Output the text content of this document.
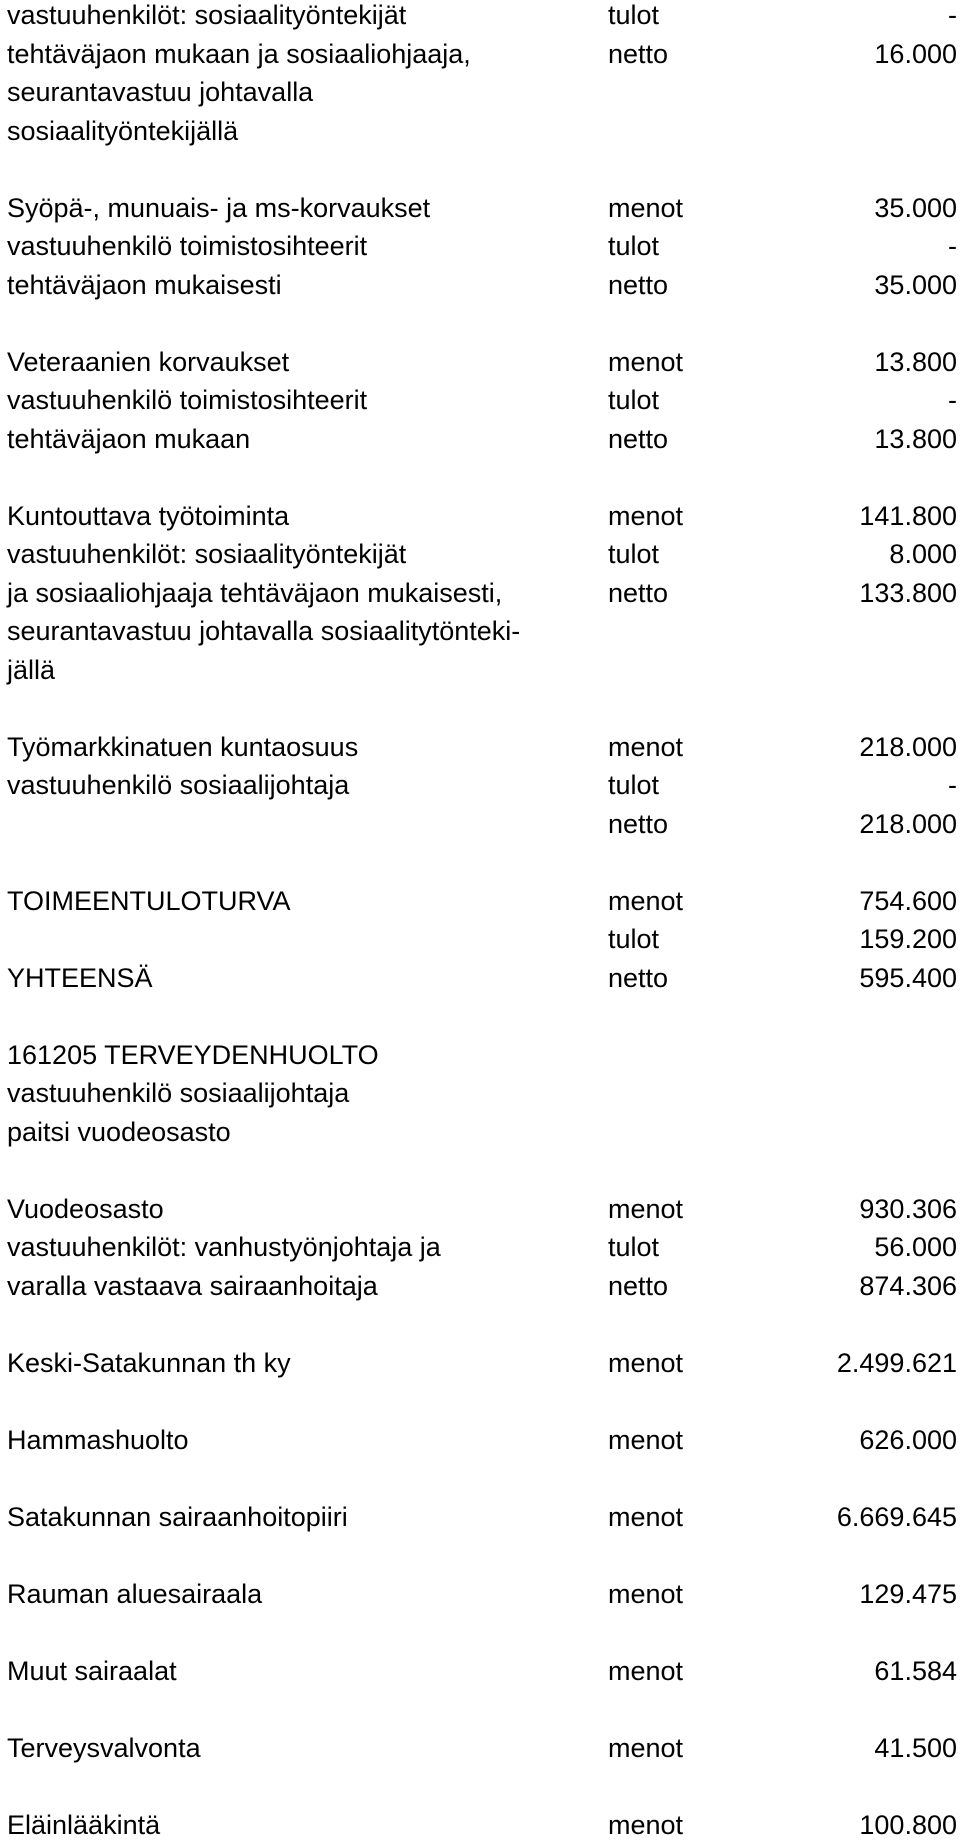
vastuuhenkilöt: sosiaalityöntekijät	tulot	-
tehtäväjaon mukaan ja sosiaaliohjaaja,	netto	16.000
seurantavastuu johtavalla
sosiaalityöntekijällä
Syöpä-, munuais- ja ms-korvaukset	menot	35.000
vastuuhenkilö toimistosihteerit	tulot	-
tehtäväjaon mukaisesti	netto	35.000
Veteraanien korvaukset	menot	13.800
vastuuhenkilö toimistosihteerit	tulot	-
tehtäväjaon mukaan	netto	13.800
Kuntouttava työtoiminta	menot	141.800
vastuuhenkilöt: sosiaalityöntekijät	tulot	8.000
ja sosiaaliohjaaja tehtäväjaon mukaisesti,	netto	133.800
seurantavastuu johtavalla sosiaalitytönteki-
jällä
Työmarkkinatuen kuntaosuus	menot	218.000
vastuuhenkilö sosiaalijohtaja	tulot	-
netto	218.000
TOIMEENTULOTURVA	menot	754.600
tulot	159.200
YHTEENSÄ	netto	595.400
161205 TERVEYDENHUOLTO
vastuuhenkilö sosiaalijohtaja
paitsi vuodeosasto
Vuodeosasto	menot	930.306
vastuuhenkilöt: vanhustyönjohtaja ja	tulot	56.000
varalla vastaava sairaanhoitaja	netto	874.306
Keski-Satakunnan th ky	menot	2.499.621
Hammashuolto	menot	626.000
Satakunnan sairaanhoitopiiri	menot	6.669.645
Rauman aluesairaala	menot	129.475
Muut sairaalat	menot	61.584
Terveysvalvonta	menot	41.500
Eläinlääkintä	menot	100.800
